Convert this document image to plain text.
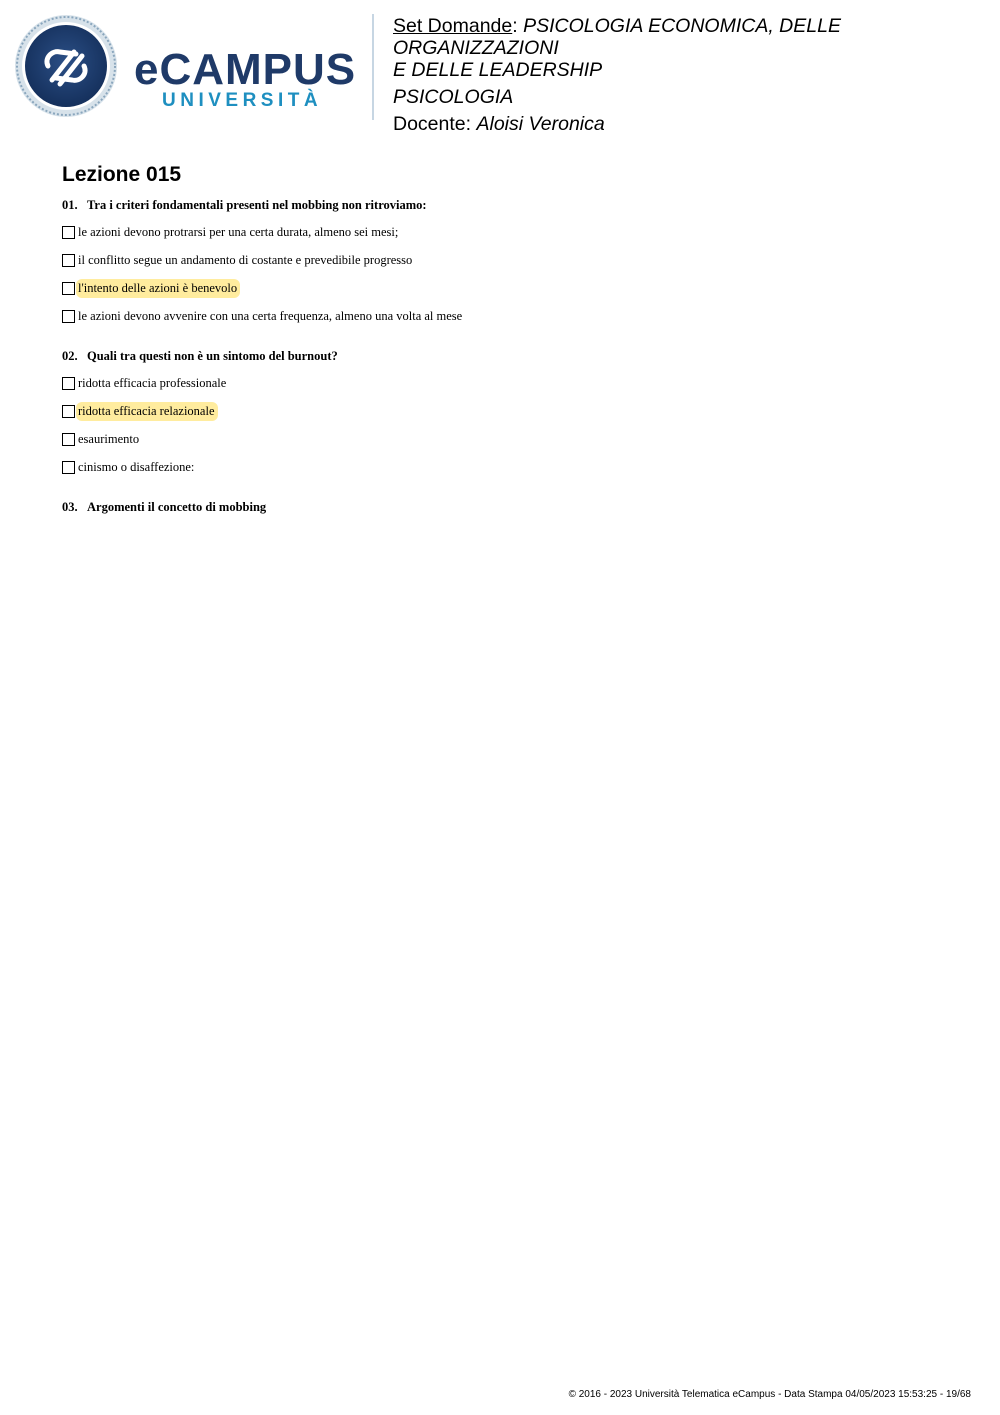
eCAMPUS
UNIVERSITÀ

Set Domande: PSICOLOGIA ECONOMICA, DELLE ORGANIZZAZIONI

E DELLE LEADERSHIP

PSICOLOGIA

Docente: Aloisi Veronica

Lezione 015
01. Tra i criteri fondamentali presenti nel mobbing non ritroviamo:
le azioni devono protrarsi per una certa durata, almeno sei mesi;
il conflitto segue un andamento di costante e prevedibile progresso
l'intento delle azioni è benevolo
le azioni devono avvenire con una certa frequenza, almeno una volta al mese
02. Quali tra questi non è un sintomo del burnout?
ridotta efficacia professionale
ridotta efficacia relazionale
esaurimento
cinismo o disaffezione:
03. Argomenti il concetto di mobbing
© 2016 - 2023 Università Telematica eCampus - Data Stampa 04/05/2023 15:53:25 - 19/68
